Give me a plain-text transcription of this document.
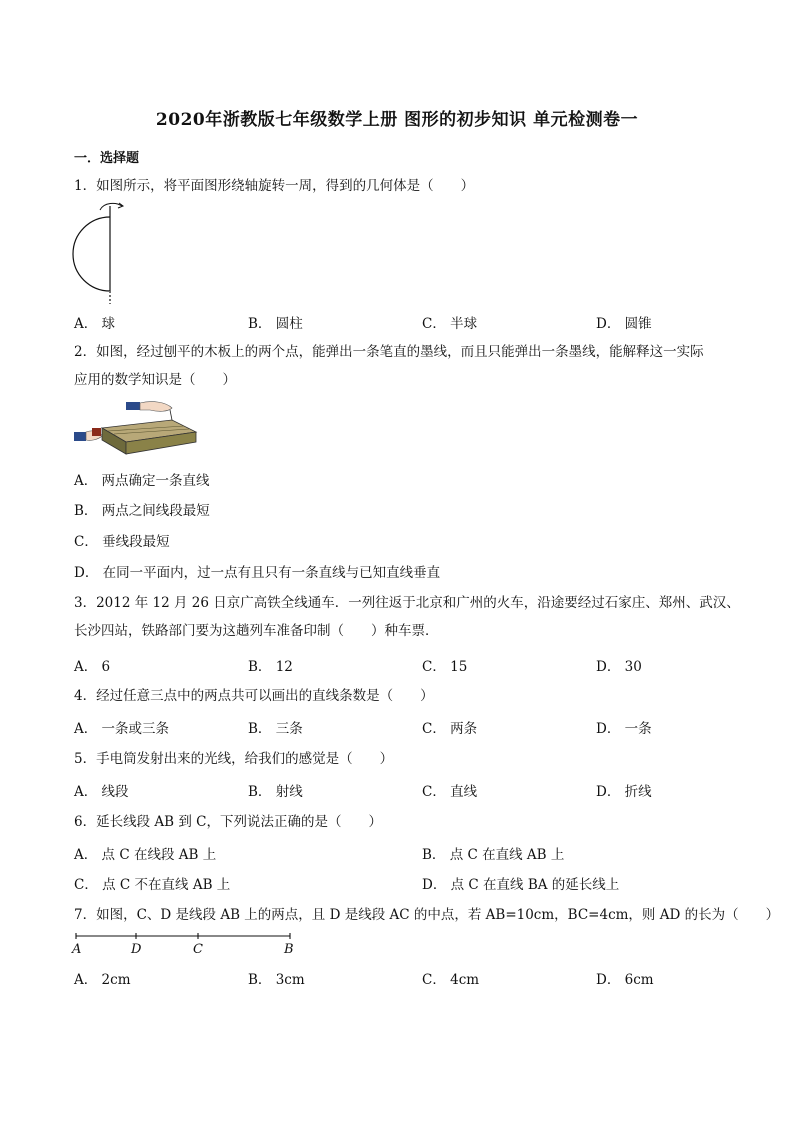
2020年浙教版七年级数学上册 图形的初步知识 单元检测卷一
一．选择题
1．如图所示，将平面图形绕轴旋转一周，得到的几何体是（　　）
A． 球	B． 圆柱	C． 半球	D． 圆锥
2．如图，经过刨平的木板上的两个点，能弹出一条笔直的墨线，而且只能弹出一条墨线，能解释这一实际
应用的数学知识是（　　）
A． 两点确定一条直线
B． 两点之间线段最短
C． 垂线段最短
D． 在同一平面内，过一点有且只有一条直线与已知直线垂直
3．2012 年 12 月 26 日京广高铁全线通车．一列往返于北京和广州的火车，沿途要经过石家庄、郑州、武汉、
长沙四站，铁路部门要为这趟列车准备印制（　　）种车票．
A． 6	B． 12	C． 15	D． 30
4．经过任意三点中的两点共可以画出的直线条数是（　　）
A． 一条或三条	B． 三条	C． 两条	D． 一条
5．手电筒发射出来的光线，给我们的感觉是（　　）
A． 线段	B． 射线	C． 直线	D． 折线
6．延长线段 AB 到 C，下列说法正确的是（　　）
A． 点 C 在线段 AB 上	B． 点 C 在直线 AB 上
C． 点 C 不在直线 AB 上	D． 点 C 在直线 BA 的延长线上
7．如图，C、D 是线段 AB 上的两点，且 D 是线段 AC 的中点，若 AB=10cm，BC=4cm，则 AD 的长为（　　）
A	D	C	B
A． 2cm	B． 3cm	C． 4cm	D． 6cm
